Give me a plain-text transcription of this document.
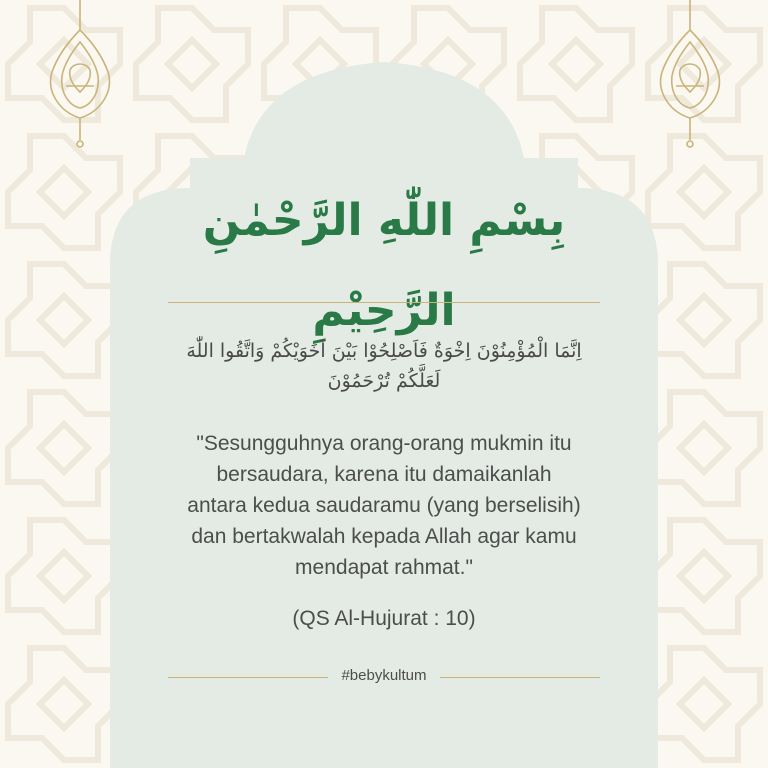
بِسْمِ اللّٰهِ الرَّحْمٰنِ الرَّحِيْمِ
اِنَّمَا الْمُؤْمِنُوْنَ اِخْوَةٌ فَاَصْلِحُوْا بَيْنَ اَخَوَيْكُمْ وَاتَّقُوا اللّٰهَ لَعَلَّكُمْ تُرْحَمُوْنَ
"Sesungguhnya orang-orang mukmin itu
bersaudara, karena itu damaikanlah
antara kedua saudaramu (yang berselisih)
dan bertakwalah kepada Allah agar kamu
mendapat rahmat."
(QS Al-Hujurat : 10)
#bebykultum
